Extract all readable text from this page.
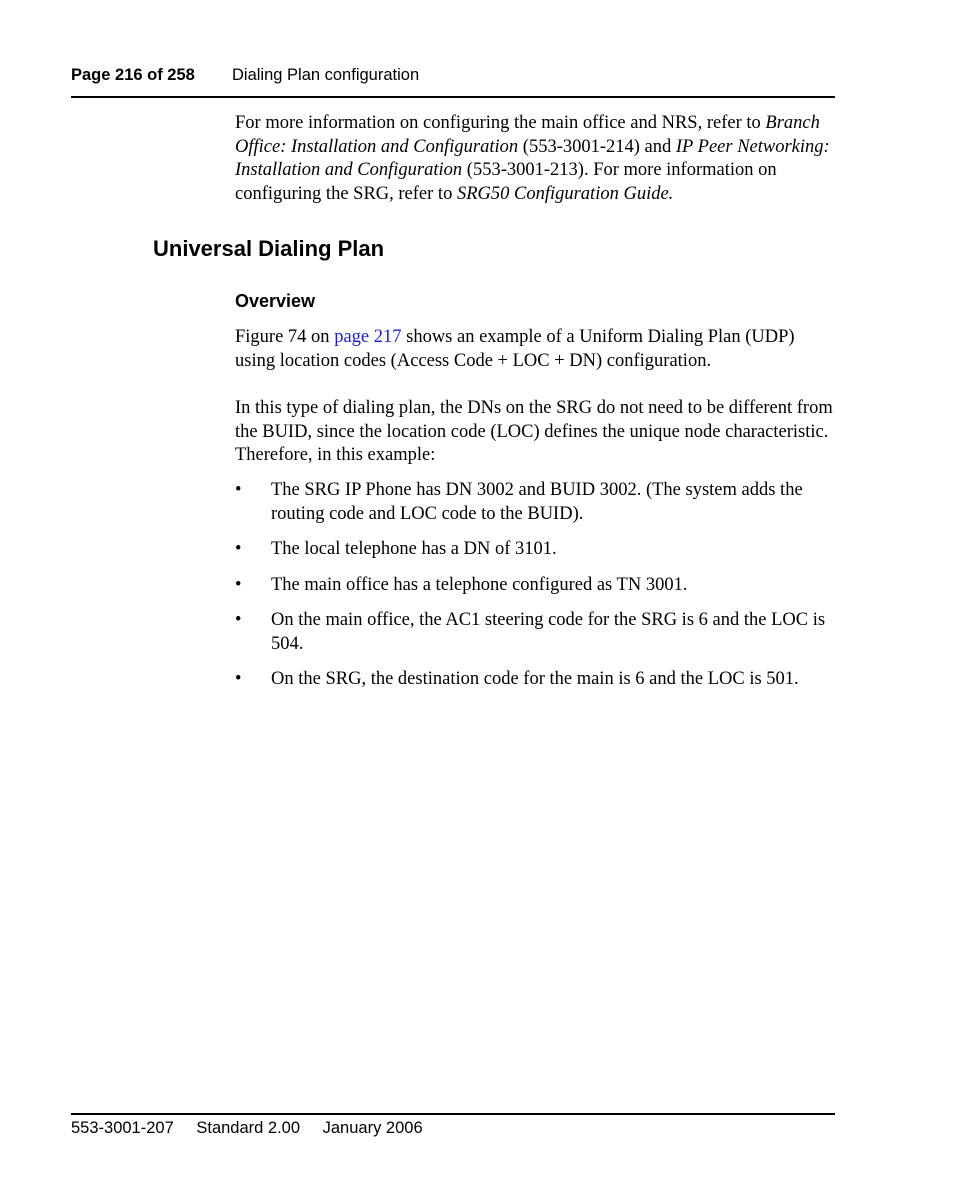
Page 216 of 258 Dialing Plan configuration
For more information on configuring the main office and NRS, refer to Branch Office: Installation and Configuration (553-3001-214) and IP Peer Networking: Installation and Configuration (553-3001-213). For more information on configuring the SRG, refer to SRG50 Configuration Guide.
Universal Dialing Plan
Overview
Figure 74 on page 217 shows an example of a Uniform Dialing Plan (UDP) using location codes (Access Code + LOC + DN) configuration.
In this type of dialing plan, the DNs on the SRG do not need to be different from the BUID, since the location code (LOC) defines the unique node characteristic. Therefore, in this example:
• The SRG IP Phone has DN 3002 and BUID 3002. (The system adds the routing code and LOC code to the BUID).
• The local telephone has a DN of 3101.
• The main office has a telephone configured as TN 3001.
• On the main office, the AC1 steering code for the SRG is 6 and the LOC is 504.
• On the SRG, the destination code for the main is 6 and the LOC is 501.
553-3001-207 Standard 2.00 January 2006
